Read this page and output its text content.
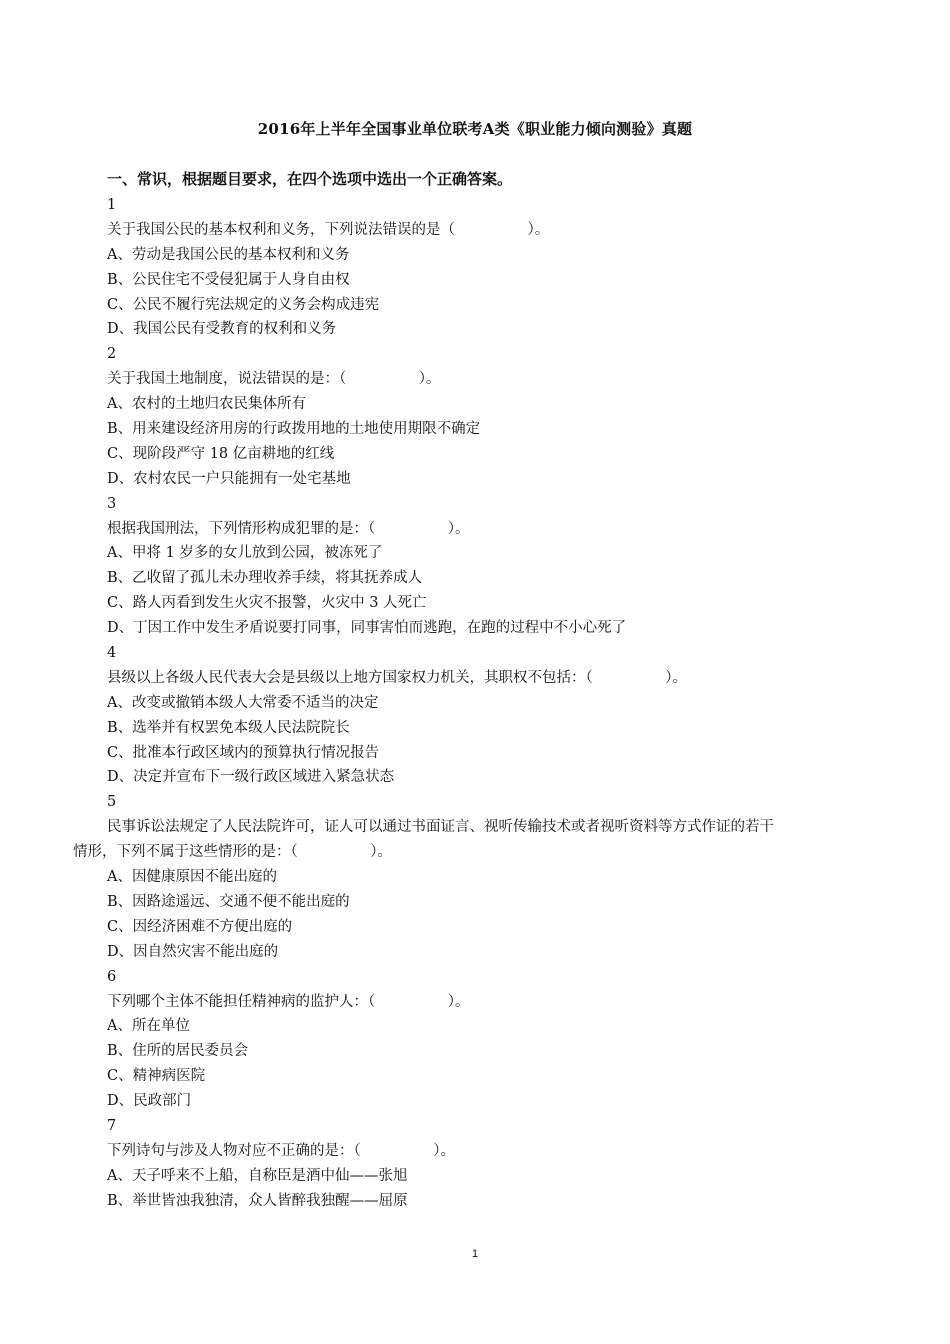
2016年上半年全国事业单位联考A类《职业能力倾向测验》真题
一、常识，根据题目要求，在四个选项中选出一个正确答案。
1
关于我国公民的基本权利和义务，下列说法错误的是（　　　　　）。
A、劳动是我国公民的基本权利和义务
B、公民住宅不受侵犯属于人身自由权
C、公民不履行宪法规定的义务会构成违宪
D、我国公民有受教育的权利和义务
2
关于我国土地制度，说法错误的是：（　　　　　）。
A、农村的土地归农民集体所有
B、用来建设经济用房的行政拨用地的土地使用期限不确定
C、现阶段严守 18 亿亩耕地的红线
D、农村农民一户只能拥有一处宅基地
3
根据我国刑法，下列情形构成犯罪的是：（　　　　　）。
A、甲将 1 岁多的女儿放到公园，被冻死了
B、乙收留了孤儿未办理收养手续，将其抚养成人
C、路人丙看到发生火灾不报警，火灾中 3 人死亡
D、丁因工作中发生矛盾说要打同事，同事害怕而逃跑，在跑的过程中不小心死了
4
县级以上各级人民代表大会是县级以上地方国家权力机关，其职权不包括：（　　　　　）。
A、改变或撤销本级人大常委不适当的决定
B、选举并有权罢免本级人民法院院长
C、批准本行政区域内的预算执行情况报告
D、决定并宣布下一级行政区域进入紧急状态
5
民事诉讼法规定了人民法院许可，证人可以通过书面证言、视听传输技术或者视听资料等方式作证的若干
情形，下列不属于这些情形的是：（　　　　　）。
A、因健康原因不能出庭的
B、因路途遥远、交通不便不能出庭的
C、因经济困难不方便出庭的
D、因自然灾害不能出庭的
6
下列哪个主体不能担任精神病的监护人：（　　　　　）。
A、所在单位
B、住所的居民委员会
C、精神病医院
D、民政部门
7
下列诗句与涉及人物对应不正确的是：（　　　　　）。
A、天子呼来不上船，自称臣是酒中仙——张旭
B、举世皆浊我独清，众人皆醉我独醒——屈原
1
